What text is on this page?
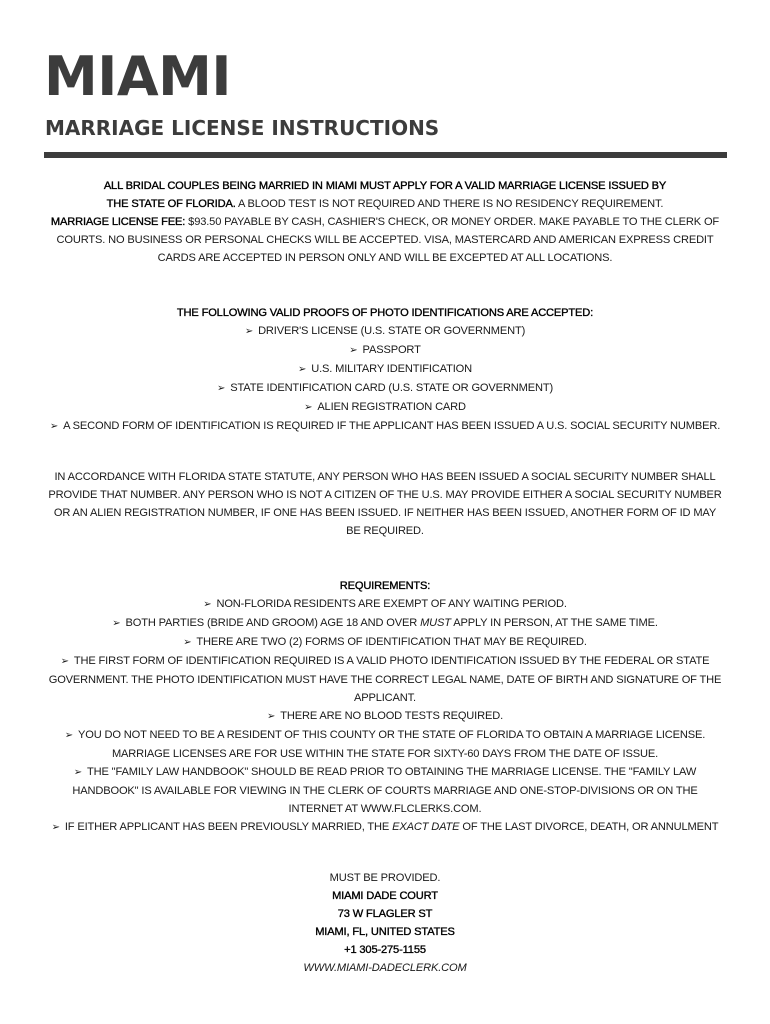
MIAMI
MARRIAGE LICENSE INSTRUCTIONS

ALL BRIDAL COUPLES BEING MARRIED IN MIAMI MUST APPLY FOR A VALID MARRIAGE LICENSE ISSUED BY THE STATE OF FLORIDA. A BLOOD TEST IS NOT REQUIRED AND THERE IS NO RESIDENCY REQUIREMENT.

MARRIAGE LICENSE FEE: $93.50 PAYABLE BY CASH, CASHIER'S CHECK, OR MONEY ORDER. MAKE PAYABLE TO THE CLERK OF COURTS. NO BUSINESS OR PERSONAL CHECKS WILL BE ACCEPTED. VISA, MASTERCARD AND AMERICAN EXPRESS CREDIT CARDS ARE ACCEPTED IN PERSON ONLY AND WILL BE EXCEPTED AT ALL LOCATIONS.

THE FOLLOWING VALID PROOFS OF PHOTO IDENTIFICATIONS ARE ACCEPTED:

➢ DRIVER'S LICENSE (U.S. STATE OR GOVERNMENT)

➢ PASSPORT

➢ U.S. MILITARY IDENTIFICATION

➢ STATE IDENTIFICATION CARD (U.S. STATE OR GOVERNMENT)

➢ ALIEN REGISTRATION CARD

➢ A SECOND FORM OF IDENTIFICATION IS REQUIRED IF THE APPLICANT HAS BEEN ISSUED A U.S. SOCIAL SECURITY NUMBER.

IN ACCORDANCE WITH FLORIDA STATE STATUTE, ANY PERSON WHO HAS BEEN ISSUED A SOCIAL SECURITY NUMBER SHALL PROVIDE THAT NUMBER. ANY PERSON WHO IS NOT A CITIZEN OF THE U.S. MAY PROVIDE EITHER A SOCIAL SECURITY NUMBER OR AN ALIEN REGISTRATION NUMBER, IF ONE HAS BEEN ISSUED. IF NEITHER HAS BEEN ISSUED, ANOTHER FORM OF ID MAY BE REQUIRED.

REQUIREMENTS:

➢ NON-FLORIDA RESIDENTS ARE EXEMPT OF ANY WAITING PERIOD.

➢ BOTH PARTIES (BRIDE AND GROOM) AGE 18 AND OVER MUST APPLY IN PERSON, AT THE SAME TIME.

➢ THERE ARE TWO (2) FORMS OF IDENTIFICATION THAT MAY BE REQUIRED.

➢ THE FIRST FORM OF IDENTIFICATION REQUIRED IS A VALID PHOTO IDENTIFICATION ISSUED BY THE FEDERAL OR STATE GOVERNMENT. THE PHOTO IDENTIFICATION MUST HAVE THE CORRECT LEGAL NAME, DATE OF BIRTH AND SIGNATURE OF THE APPLICANT.

➢ THERE ARE NO BLOOD TESTS REQUIRED.

➢ YOU DO NOT NEED TO BE A RESIDENT OF THIS COUNTY OR THE STATE OF FLORIDA TO OBTAIN A MARRIAGE LICENSE.

MARRIAGE LICENSES ARE FOR USE WITHIN THE STATE FOR SIXTY-60 DAYS FROM THE DATE OF ISSUE.

➢ THE "FAMILY LAW HANDBOOK" SHOULD BE READ PRIOR TO OBTAINING THE MARRIAGE LICENSE. THE "FAMILY LAW HANDBOOK" IS AVAILABLE FOR VIEWING IN THE CLERK OF COURTS MARRIAGE AND ONE-STOP-DIVISIONS OR ON THE INTERNET AT WWW.FLCLERKS.COM.

➢ IF EITHER APPLICANT HAS BEEN PREVIOUSLY MARRIED, THE EXACT DATE OF THE LAST DIVORCE, DEATH, OR ANNULMENT

MUST BE PROVIDED.

MIAMI DADE COURT

73 W FLAGLER ST

MIAMI, FL, UNITED STATES

+1 305-275-1155

WWW.MIAMI-DADECLERK.COM
